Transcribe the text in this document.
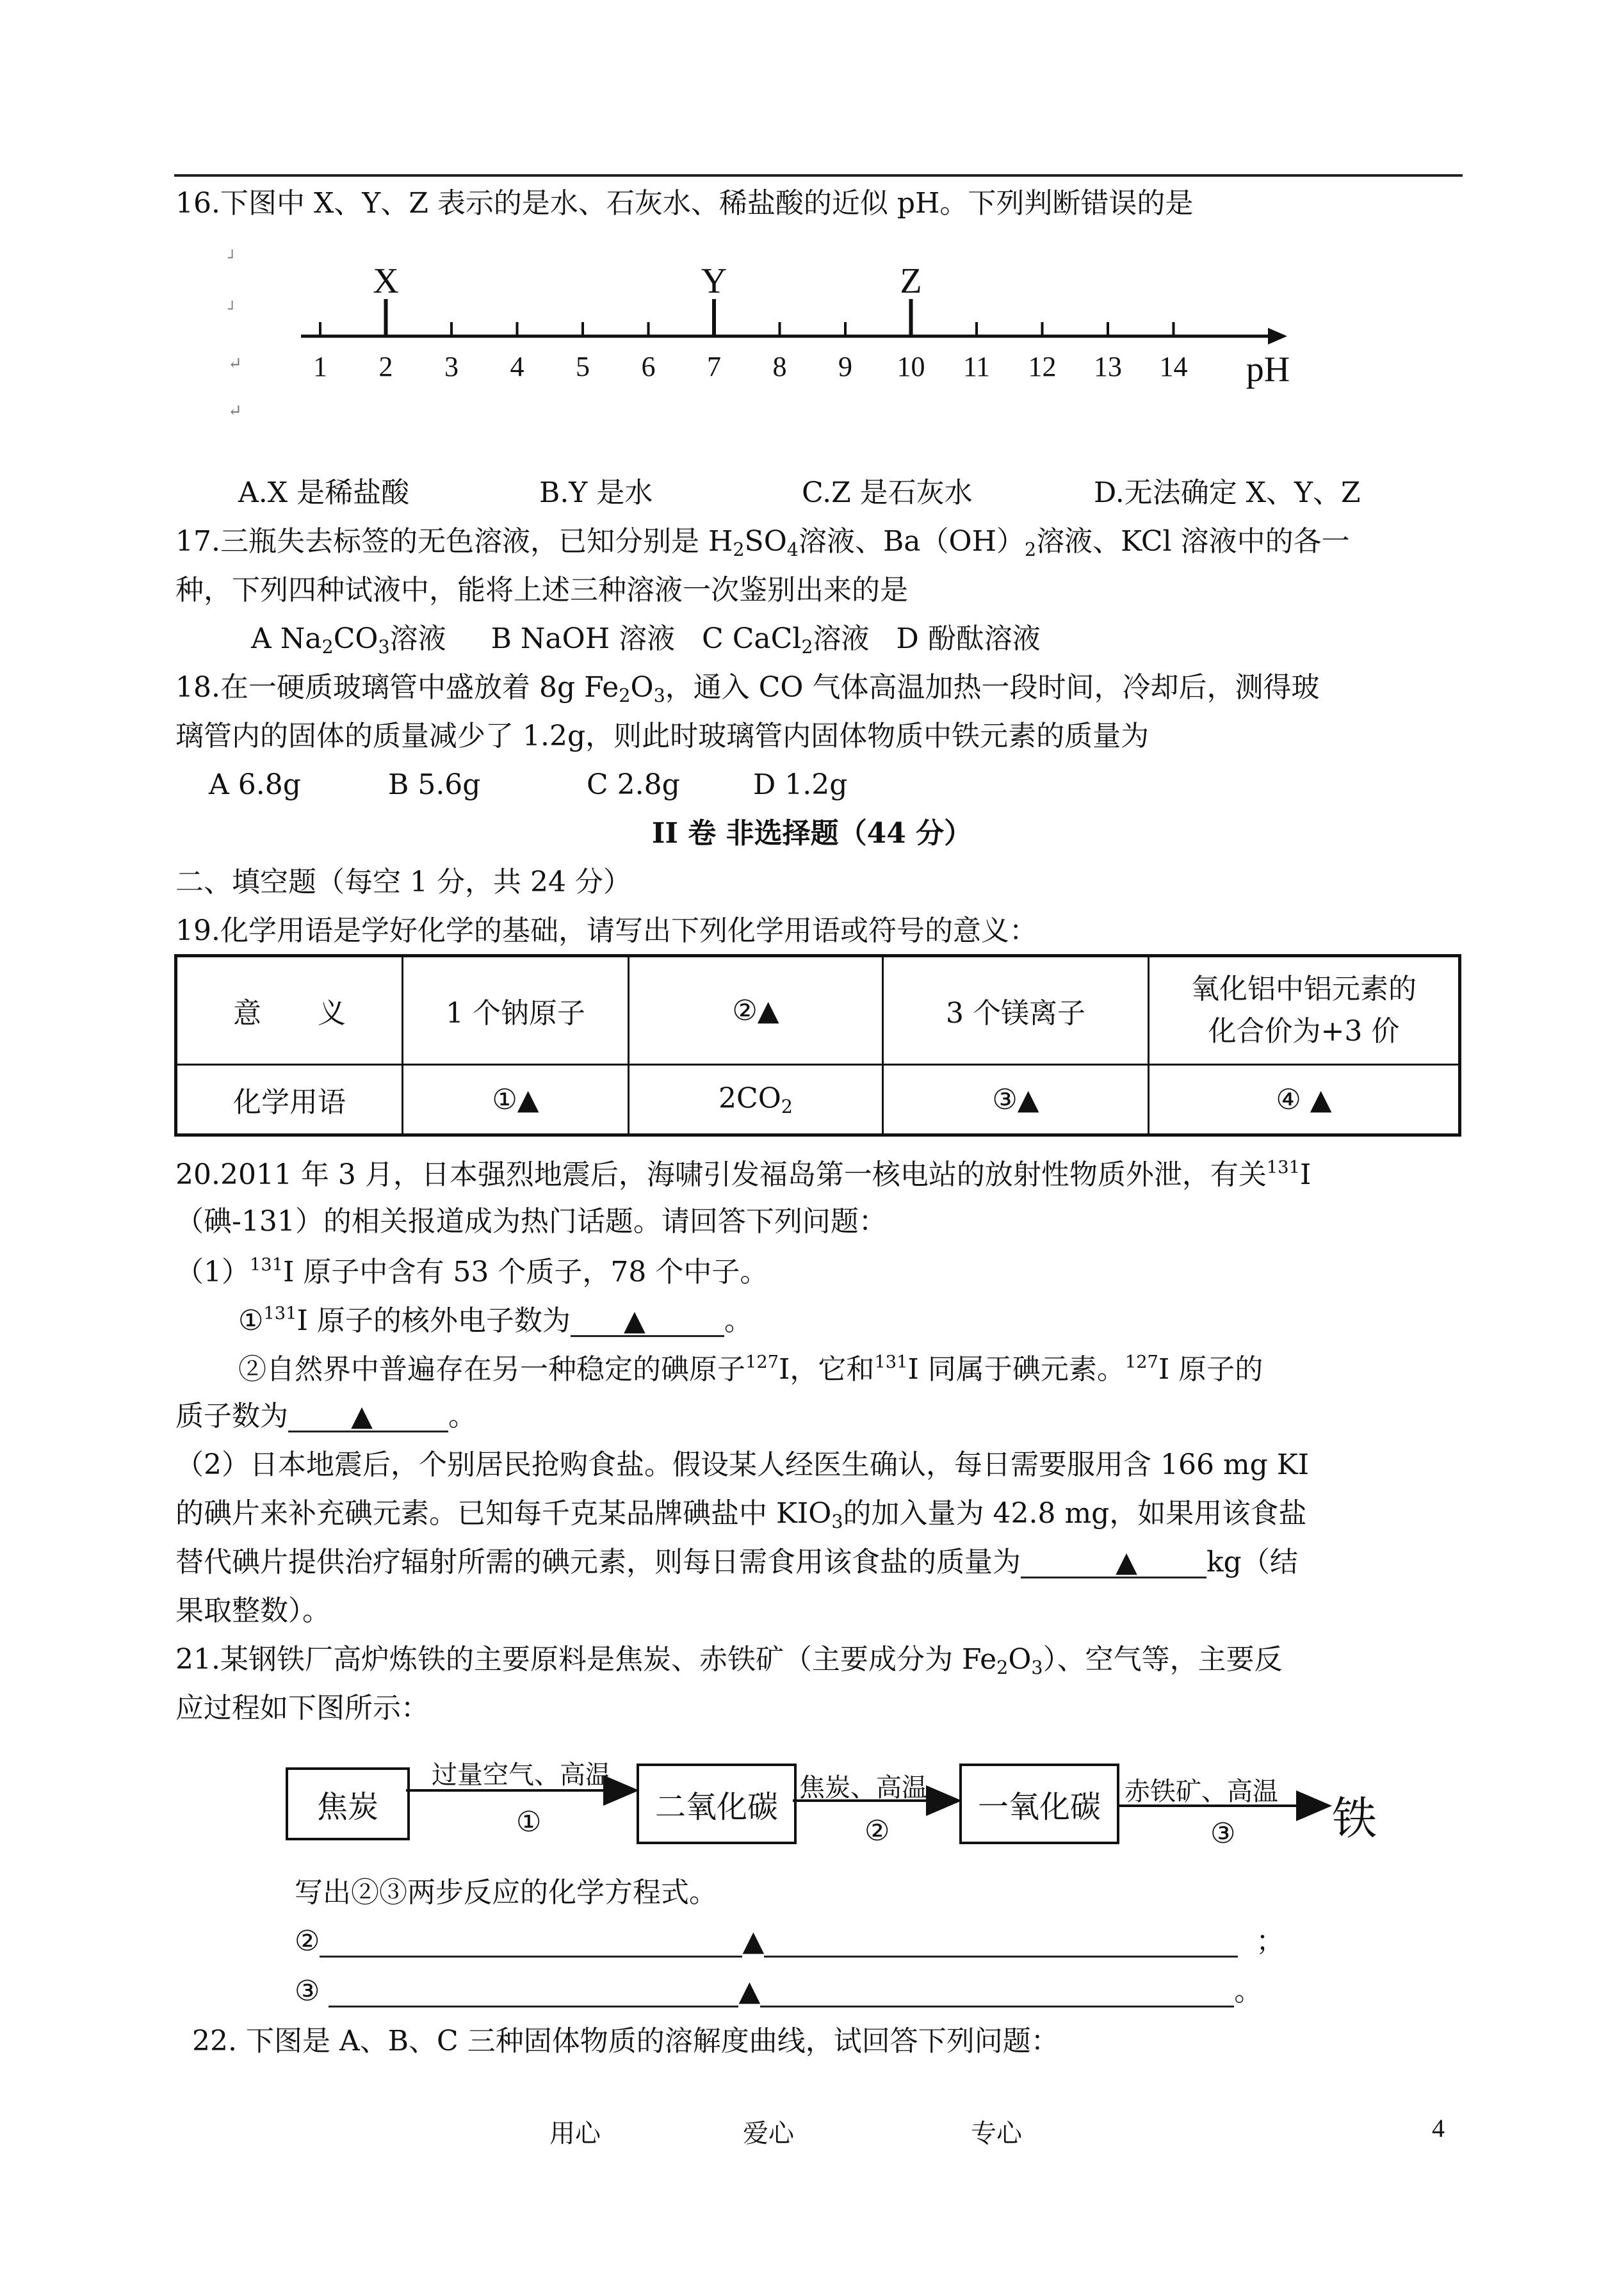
16.下图中 X、Y、Z 表示的是水、石灰水、稀盐酸的近似 pH。下列判断错误的是
1 2 3 4 5 6 7 8 9 10 11 12 13 14
X	Y	Z
pH
┘
┘
↵
↵
A.X 是稀盐酸	B.Y 是水	C.Z 是石灰水	D.无法确定 X、Y、Z
17.三瓶失去标签的无色溶液，已知分别是 $H_2SO_4$溶液、$Ba(OH)_2$溶液、KCl 溶液中的各一
种，下列四种试液中，能将上述三种溶液一次鉴别出来的是
A $Na_2CO_3$溶液 B NaOH 溶液 C CaCl$_2$溶液 D 酚酞溶液
18.在一硬质玻璃管中盛放着 8g $Fe_2O_3$，通入 CO 气体高温加热一段时间，冷却后，测得玻
璃管内的固体的质量减少了 1.2g，则此时玻璃管内固体物质中铁元素的质量为
A 6.8g	B 5.6g	C 2.8g	D 1.2g
II 卷 非选择题（44 分）
二、填空题（每空 1 分，共 24 分）
19.化学用语是学好化学的基础，请写出下列化学用语或符号的意义：
意　　义	1 个钠原子	②▲	3 个镁离子	氧化铝中铝元素的
化合价为+3 价
化学用语	①▲	$2CO_2$	③▲	④ ▲
20.2011 年 3 月，日本强烈地震后，海啸引发福岛第一核电站的放射性物质外泄，有关$^{131}$I
（碘-131）的相关报道成为热门话题。请回答下列问题：
$(1)^{131}I$ 原子中含有 53 个质子，78 个中子。
①$^{131}$I 原子的核外电子数为 ▲	。
②自然界中普遍存在另一种稳定的碘原子$^{127}$I，它和$^{131}$I 同属于碘元素。$^{127}$I 原子的
质子数为 ▲	。
（2）日本地震后，个别居民抢购食盐。假设某人经医生确认，每日需要服用含 166 mg KI
的碘片来补充碘元素。已知每千克某品牌碘盐中 $KIO_3$的加入量为 42.8 mg，如果用该食盐
替代碘片提供治疗辐射所需的碘元素，则每日需食用该食盐的质量为	▲ kg（结
果取整数）。
21.某钢铁厂高炉炼铁的主要原料是焦炭、赤铁矿（主要成分为 $Fe_2O_3$）、空气等，主要反
应过程如下图所示：
焦炭	二氧化碳	一氧化碳	铁
过量空气、高温
①
焦炭、高温
②
赤铁矿、高温
③
写出②③两步反应的化学方程式。
②	▲	；
③	▲	。
22. 下图是 A、B、C 三种固体物质的溶解度曲线，试回答下列问题：
用心	爱心	专心	4
